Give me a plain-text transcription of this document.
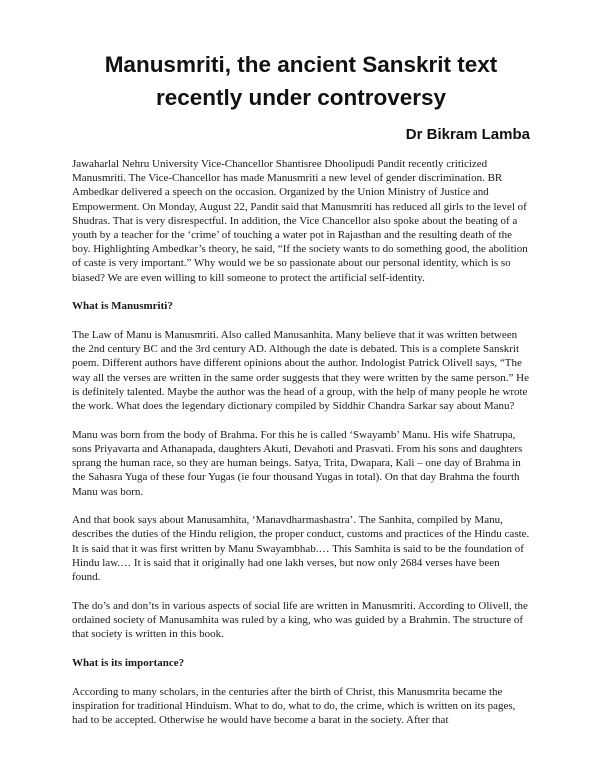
Manusmriti, the ancient Sanskrit text
recently under controversy
Dr Bikram Lamba

Jawaharlal Nehru University Vice-Chancellor Shantisree Dhoolipudi Pandit recently criticized Manusmriti. The Vice-Chancellor has made Manusmriti a new level of gender discrimination. BR Ambedkar delivered a speech on the occasion. Organized by the Union Ministry of Justice and Empowerment. On Monday, August 22, Pandit said that Manusmriti has reduced all girls to the level of Shudras. That is very disrespectful. In addition, the Vice Chancellor also spoke about the beating of a youth by a teacher for the ‘crime’ of touching a water pot in Rajasthan and the resulting death of the boy. Highlighting Ambedkar’s theory, he said, “If the society wants to do something good, the abolition of caste is very important.” Why would we be so passionate about our personal identity, which is so biased? We are even willing to kill someone to protect the artificial self-identity.

What is Manusmriti?

The Law of Manu is Manusmriti. Also called Manusanhita. Many believe that it was written between the 2nd century BC and the 3rd century AD. Although the date is debated. This is a complete Sanskrit poem. Different authors have different opinions about the author. Indologist Patrick Olivell says, “The way all the verses are written in the same order suggests that they were written by the same person.” He is definitely talented. Maybe the author was the head of a group, with the help of many people he wrote the work. What does the legendary dictionary compiled by Siddhir Chandra Sarkar say about Manu?

Manu was born from the body of Brahma. For this he is called ‘Swayamb’ Manu. His wife Shatrupa, sons Priyavarta and Athanapada, daughters Akuti, Devahoti and Prasvati. From his sons and daughters sprang the human race, so they are human beings. Satya, Trita, Dwapara, Kali – one day of Brahma in the Sahasra Yuga of these four Yugas (ie four thousand Yugas in total). On that day Brahma the fourth Manu was born.

And that book says about Manusamhita, ‘Manavdharmashastra’. The Sanhita, compiled by Manu, describes the duties of the Hindu religion, the proper conduct, customs and practices of the Hindu caste. It is said that it was first written by Manu Swayambhab.… This Samhita is said to be the foundation of Hindu law.… It is said that it originally had one lakh verses, but now only 2684 verses have been found.

The do’s and don’ts in various aspects of social life are written in Manusmriti. According to Olivell, the ordained society of Manusamhita was ruled by a king, who was guided by a Brahmin. The structure of that society is written in this book.

What is its importance?

According to many scholars, in the centuries after the birth of Christ, this Manusmrita became the inspiration for traditional Hinduism. What to do, what to do, the crime, which is written on its pages, had to be accepted. Otherwise he would have become a barat in the society. After that
